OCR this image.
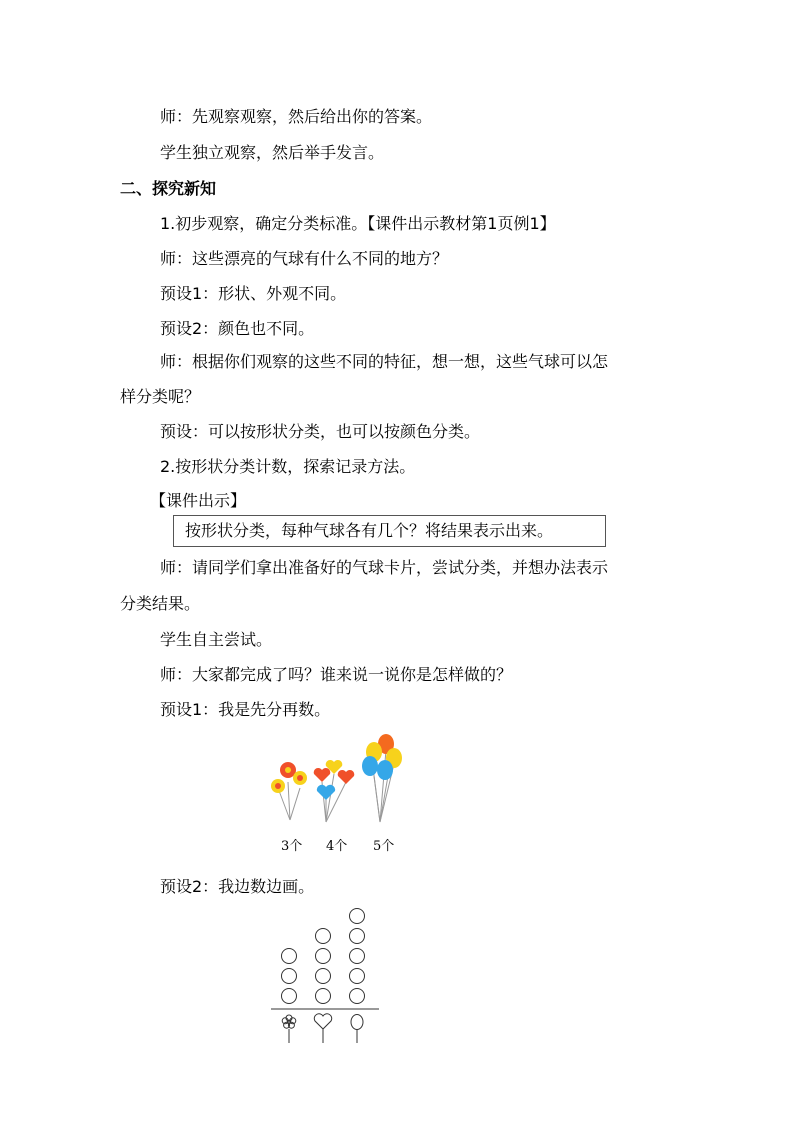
师：先观察观察，然后给出你的答案。
学生独立观察，然后举手发言。
二、探究新知
1.初步观察，确定分类标准。【课件出示教材第1页例1】
师：这些漂亮的气球有什么不同的地方？
预设1：形状、外观不同。
预设2：颜色也不同。
师：根据你们观察的这些不同的特征，想一想，这些气球可以怎
样分类呢？
预设：可以按形状分类，也可以按颜色分类。
2.按形状分类计数，探索记录方法。
【课件出示】
按形状分类，每种气球各有几个？将结果表示出来。
师：请同学们拿出准备好的气球卡片，尝试分类，并想办法表示
分类结果。
学生自主尝试。
师：大家都完成了吗？谁来说一说你是怎样做的？
预设1：我是先分再数。
3个 4个 5个
预设2：我边数边画。
